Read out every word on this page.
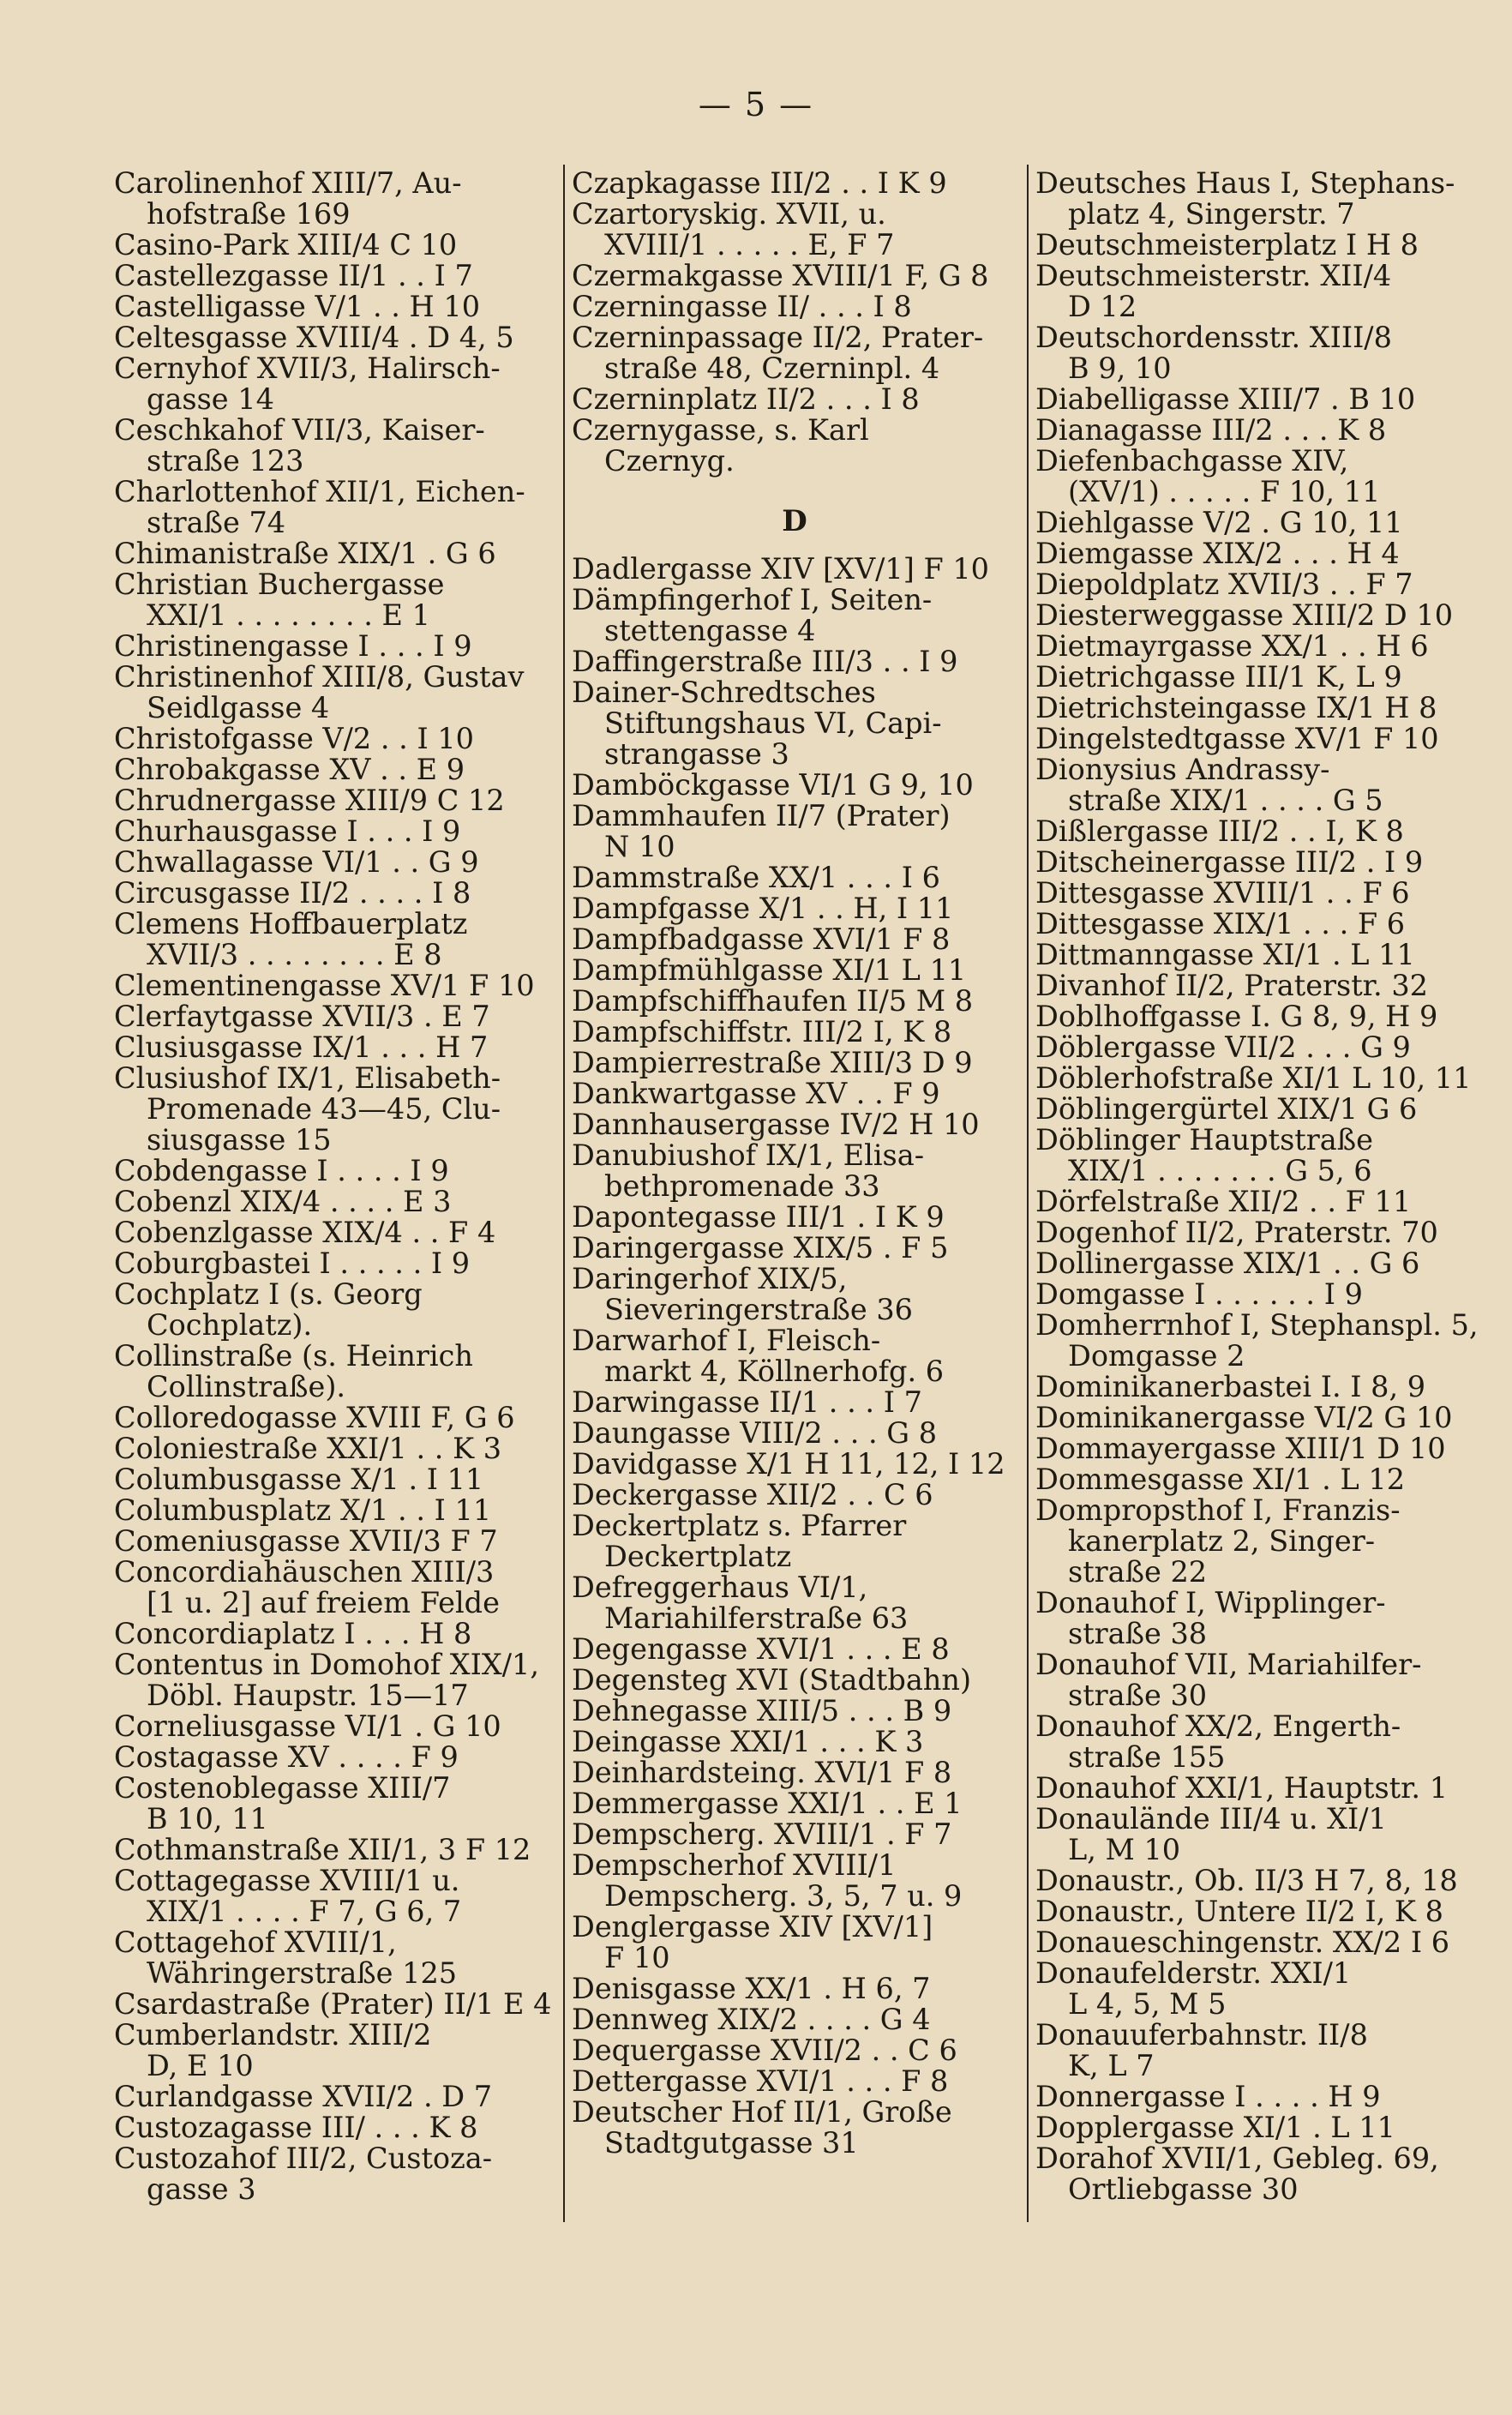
— 5 —

Carolinenhof XIII/7, Au-
hofstraße 169

Casino-Park XIII/4 C 10

Castellezgasse II/1 . . I 7

Castelligasse V/1 . . H 10

Celtesgasse XVIII/4 . D 4, 5

Cernyhof XVII/3, Halirsch-
gasse 14

Ceschkahof VII/3, Kaiser-
straße 123

Charlottenhof XII/1, Eichen-
straße 74

Chimanistraße XIX/1 . G 6

Christian Buchergasse
XXI/1 . . . . . . . . E 1

Christinengasse I . . . I 9

Christinenhof XIII/8, Gustav
Seidlgasse 4

Christofgasse V/2 . . I 10

Chrobakgasse XV . . E 9

Chrudnergasse XIII/9 C 12

Churhausgasse I . . . I 9

Chwallagasse VI/1 . . G 9

Circusgasse II/2 . . . . I 8

Clemens Hoffbauerplatz
XVII/3 . . . . . . . . E 8

Clementinengasse XV/1 F 10

Clerfaytgasse XVII/3 . E 7

Clusiusgasse IX/1 . . . H 7

Clusiushof IX/1, Elisabeth-
Promenade 43—45, Clu-
siusgasse 15

Cobdengasse I . . . . I 9

Cobenzl XIX/4 . . . . E 3

Cobenzlgasse XIX/4 . . F 4

Coburgbastei I . . . . . I 9

Cochplatz I (s. Georg
Cochplatz).

Collinstraße (s. Heinrich
Collinstraße).

Colloredogasse XVIII F, G 6

Coloniestraße XXI/1 . . K 3

Columbusgasse X/1 . I 11

Columbusplatz X/1 . . I 11

Comeniusgasse XVII/3 F 7

Concordiahäuschen XIII/3
[1 u. 2] auf freiem Felde

Concordiaplatz I . . . H 8

Contentus in Domohof XIX/1,
Döbl. Haupstr. 15—17

Corneliusgasse VI/1 . G 10

Costagasse XV . . . . F 9

Costenoblegasse XIII/7
B 10, 11

Cothmanstraße XII/1, 3 F 12

Cottagegasse XVIII/1 u.
XIX/1 . . . . F 7, G 6, 7

Cottagehof XVIII/1,
Währingerstraße 125

Csardastraße (Prater) II/1 E 4

Cumberlandstr. XIII/2
D, E 10

Curlandgasse XVII/2 . D 7

Custozagasse III/ . . . K 8

Custozahof III/2, Custoza-
gasse 3

Czapkagasse III/2 . . I K 9

Czartoryskig. XVII, u.
XVIII/1 . . . . . E, F 7

Czermakgasse XVIII/1 F, G 8

Czerningasse II/ . . . I 8

Czerninpassage II/2, Prater-
straße 48, Czerninpl. 4

Czerninplatz II/2 . . . I 8

Czernygasse, s. Karl
Czernyg.

D

Dadlergasse XIV [XV/1] F 10

Dämpfingerhof I, Seiten-
stettengasse 4

Daffingerstraße III/3 . . I 9

Dainer-Schredtsches
Stiftungshaus VI, Capi-
strangasse 3

Damböckgasse VI/1 G 9, 10

Dammhaufen II/7 (Prater)
N 10

Dammstraße XX/1 . . . I 6

Dampfgasse X/1 . . H, I 11

Dampfbadgasse XVI/1 F 8

Dampfmühlgasse XI/1 L 11

Dampfschiffhaufen II/5 M 8

Dampfschiffstr. III/2 I, K 8

Dampierrestraße XIII/3 D 9

Dankwartgasse XV . . F 9

Dannhausergasse IV/2 H 10

Danubiushof IX/1, Elisa-
bethpromenade 33

Dapontegasse III/1 . I K 9

Daringergasse XIX/5 . F 5

Daringerhof XIX/5,
Sieveringerstraße 36

Darwarhof I, Fleisch-
markt 4, Köllnerhofg. 6

Darwingasse II/1 . . . I 7

Daungasse VIII/2 . . . G 8

Davidgasse X/1 H 11, 12, I 12

Deckergasse XII/2 . . C 6

Deckertplatz s. Pfarrer
Deckertplatz

Defreggerhaus VI/1,
Mariahilferstraße 63

Degengasse XVI/1 . . . E 8

Degensteg XVI (Stadtbahn)

Dehnegasse XIII/5 . . . B 9

Deingasse XXI/1 . . . K 3

Deinhardsteing. XVI/1 F 8

Demmergasse XXI/1 . . E 1

Dempscherg. XVIII/1 . F 7

Dempscherhof XVIII/1
Dempscherg. 3, 5, 7 u. 9

Denglergasse XIV [XV/1]
F 10

Denisgasse XX/1 . H 6, 7

Dennweg XIX/2 . . . . G 4

Dequergasse XVII/2 . . C 6

Dettergasse XVI/1 . . . F 8

Deutscher Hof II/1, Große
Stadtgutgasse 31

Deutsches Haus I, Stephans-
platz 4, Singerstr. 7

Deutschmeisterplatz I H 8

Deutschmeisterstr. XII/4
D 12

Deutschordensstr. XIII/8
B 9, 10

Diabelligasse XIII/7 . B 10

Dianagasse III/2 . . . K 8

Diefenbachgasse XIV,
(XV/1) . . . . . F 10, 11

Diehlgasse V/2 . G 10, 11

Diemgasse XIX/2 . . . H 4

Diepoldplatz XVII/3 . . F 7

Diesterweggasse XIII/2 D 10

Dietmayrgasse XX/1 . . H 6

Dietrichgasse III/1 K, L 9

Dietrichsteingasse IX/1 H 8

Dingelstedtgasse XV/1 F 10

Dionysius Andrassy-
straße XIX/1 . . . . G 5

Dißlergasse III/2 . . I, K 8

Ditscheinergasse III/2 . I 9

Dittesgasse XVIII/1 . . F 6

Dittesgasse XIX/1 . . . F 6

Dittmanngasse XI/1 . L 11

Divanhof II/2, Praterstr. 32

Doblhoffgasse I. G 8, 9, H 9

Döblergasse VII/2 . . . G 9

Döblerhofstraße XI/1 L 10, 11

Döblingergürtel XIX/1 G 6

Döblinger Hauptstraße
XIX/1 . . . . . . . G 5, 6

Dörfelstraße XII/2 . . F 11

Dogenhof II/2, Praterstr. 70

Dollinergasse XIX/1 . . G 6

Domgasse I . . . . . . I 9

Domherrnhof I, Stephanspl. 5,
Domgasse 2

Dominikanerbastei I. I 8, 9

Dominikanergasse VI/2 G 10

Dommayergasse XIII/1 D 10

Dommesgasse XI/1 . L 12

Dompropsthof I, Franzis-
kanerplatz 2, Singer-
straße 22

Donauhof I, Wipplinger-
straße 38

Donauhof VII, Mariahilfer-
straße 30

Donauhof XX/2, Engerth-
straße 155

Donauhof XXI/1, Hauptstr. 1

Donaulände III/4 u. XI/1
L, M 10

Donaustr., Ob. II/3 H 7, 8, 18

Donaustr., Untere II/2 I, K 8

Donaueschingenstr. XX/2 I 6

Donaufelderstr. XXI/1
L 4, 5, M 5

Donauuferbahnstr. II/8
K, L 7

Donnergasse I . . . . H 9

Dopplergasse XI/1 . L 11

Dorahof XVII/1, Gebleg. 69,
Ortliebgasse 30
